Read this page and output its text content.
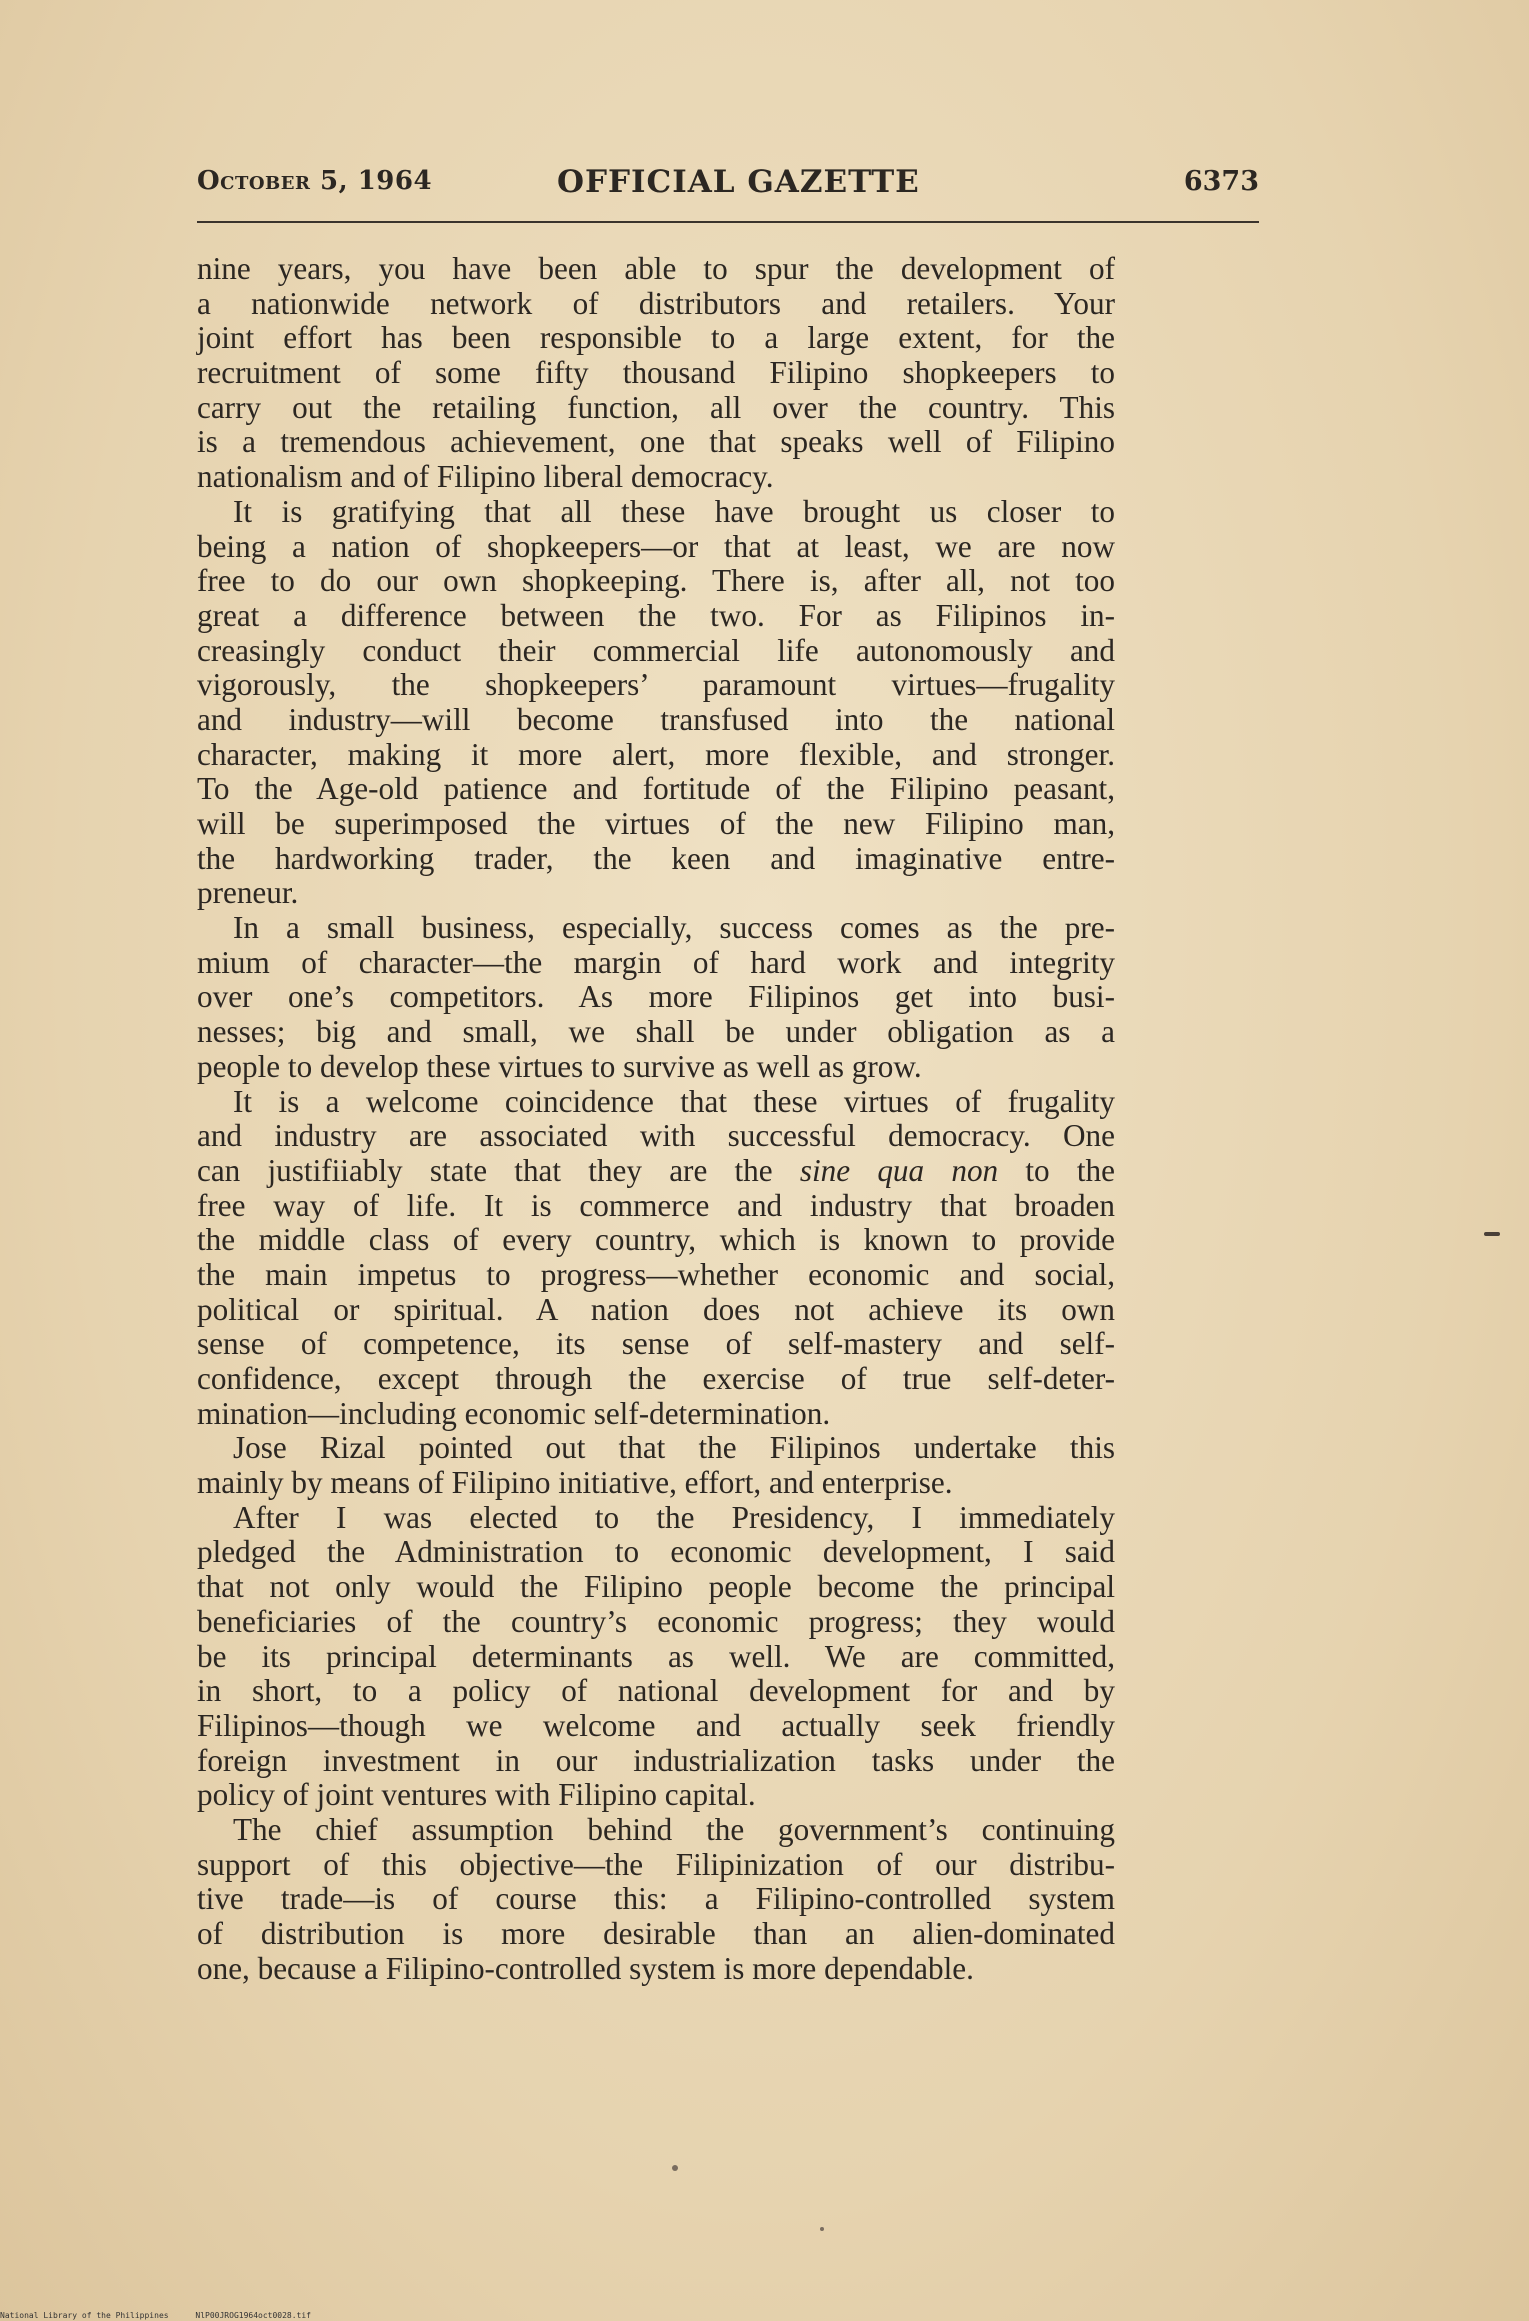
October 5, 1964	OFFICIAL GAZETTE	6373
nine years, you have been able to spur the development of
a nationwide network of distributors and retailers. Your
joint effort has been responsible to a large extent, for the
recruitment of some fifty thousand Filipino shopkeepers to
carry out the retailing function, all over the country. This
is a tremendous achievement, one that speaks well of Filipino
nationalism and of Filipino liberal democracy.
It is gratifying that all these have brought us closer to
being a nation of shopkeepers—or that at least, we are now
free to do our own shopkeeping. There is, after all, not too
great a difference between the two. For as Filipinos in-
creasingly conduct their commercial life autonomously and
vigorously, the shopkeepers’ paramount virtues—frugality
and industry—will become transfused into the national
character, making it more alert, more flexible, and stronger.
To the Age-old patience and fortitude of the Filipino peasant,
will be superimposed the virtues of the new Filipino man,
the hardworking trader, the keen and imaginative entre-
preneur.
In a small business, especially, success comes as the pre-
mium of character—the margin of hard work and integrity
over one’s competitors. As more Filipinos get into busi-
nesses; big and small, we shall be under obligation as a
people to develop these virtues to survive as well as grow.
It is a welcome coincidence that these virtues of frugality
and industry are associated with successful democracy. One
can justifiiably state that they are the sine qua non to the
free way of life. It is commerce and industry that broaden
the middle class of every country, which is known to provide
the main impetus to progress—whether economic and social,
political or spiritual. A nation does not achieve its own
sense of competence, its sense of self-mastery and self-
confidence, except through the exercise of true self-deter-
mination—including economic self-determination.
Jose Rizal pointed out that the Filipinos undertake this
mainly by means of Filipino initiative, effort, and enterprise.
After I was elected to the Presidency, I immediately
pledged the Administration to economic development, I said
that not only would the Filipino people become the principal
beneficiaries of the country’s economic progress; they would
be its principal determinants as well. We are committed,
in short, to a policy of national development for and by
Filipinos—though we welcome and actually seek friendly
foreign investment in our industrialization tasks under the
policy of joint ventures with Filipino capital.
The chief assumption behind the government’s continuing
support of this objective—the Filipinization of our distribu-
tive trade—is of course this: a Filipino-controlled system
of distribution is more desirable than an alien-dominated
one, because a Filipino-controlled system is more dependable.
National Library of the Philippines	NlP00JROG1964oct0028.tif
